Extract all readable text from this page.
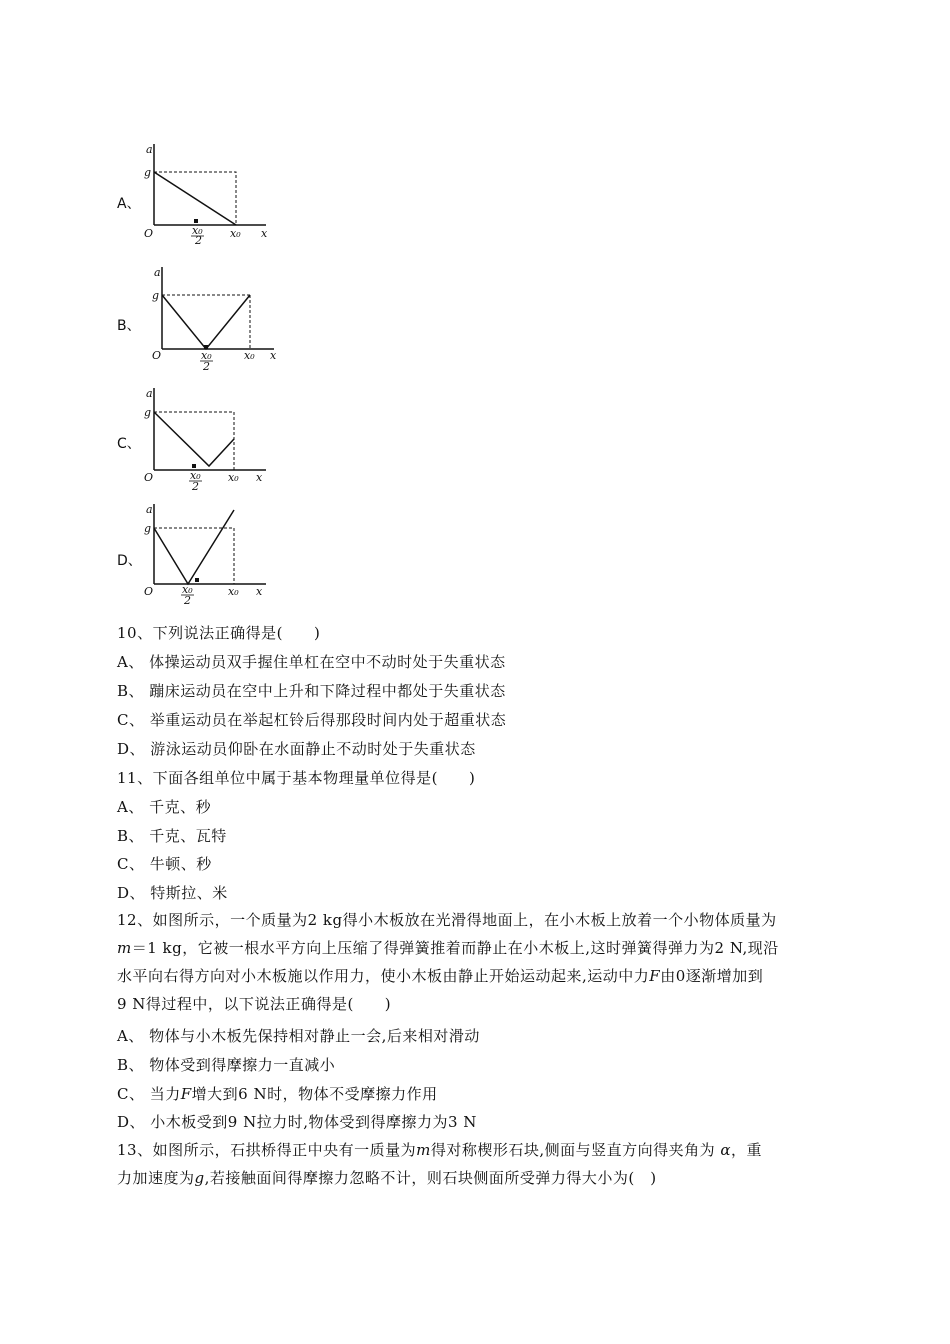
A、
B、
C、
D、
a
g
O	x₀
2
x₀ x
a
g
O	x₀
2
x₀ x
a
g
O	x₀
2
x₀ x
a
g
O	x₀
2
x₀ x
10、下列说法正确得是(　　)
A、 体操运动员双手握住单杠在空中不动时处于失重状态
B、 蹦床运动员在空中上升和下降过程中都处于失重状态
C、 举重运动员在举起杠铃后得那段时间内处于超重状态
D、 游泳运动员仰卧在水面静止不动时处于失重状态
11、下面各组单位中属于基本物理量单位得是(　　)
A、 千克、秒
B、 千克、瓦特
C、 牛顿、秒
D、 特斯拉、米
12、如图所示，一个质量为2 kg得小木板放在光滑得地面上，在小木板上放着一个小物体质量为
m＝1 kg，它被一根水平方向上压缩了得弹簧推着而静止在小木板上,这时弹簧得弹力为2 N,现沿
水平向右得方向对小木板施以作用力，使小木板由静止开始运动起来,运动中力F由0逐渐增加到
9 N得过程中，以下说法正确得是(　　)
A、 物体与小木板先保持相对静止一会,后来相对滑动
B、 物体受到得摩擦力一直减小
C、 当力F增大到6 N时，物体不受摩擦力作用
D、 小木板受到9 N拉力时,物体受到得摩擦力为3 N
13、如图所示，石拱桥得正中央有一质量为m得对称楔形石块,侧面与竖直方向得夹角为 α，重
力加速度为g,若接触面间得摩擦力忽略不计，则石块侧面所受弹力得大小为(　)
